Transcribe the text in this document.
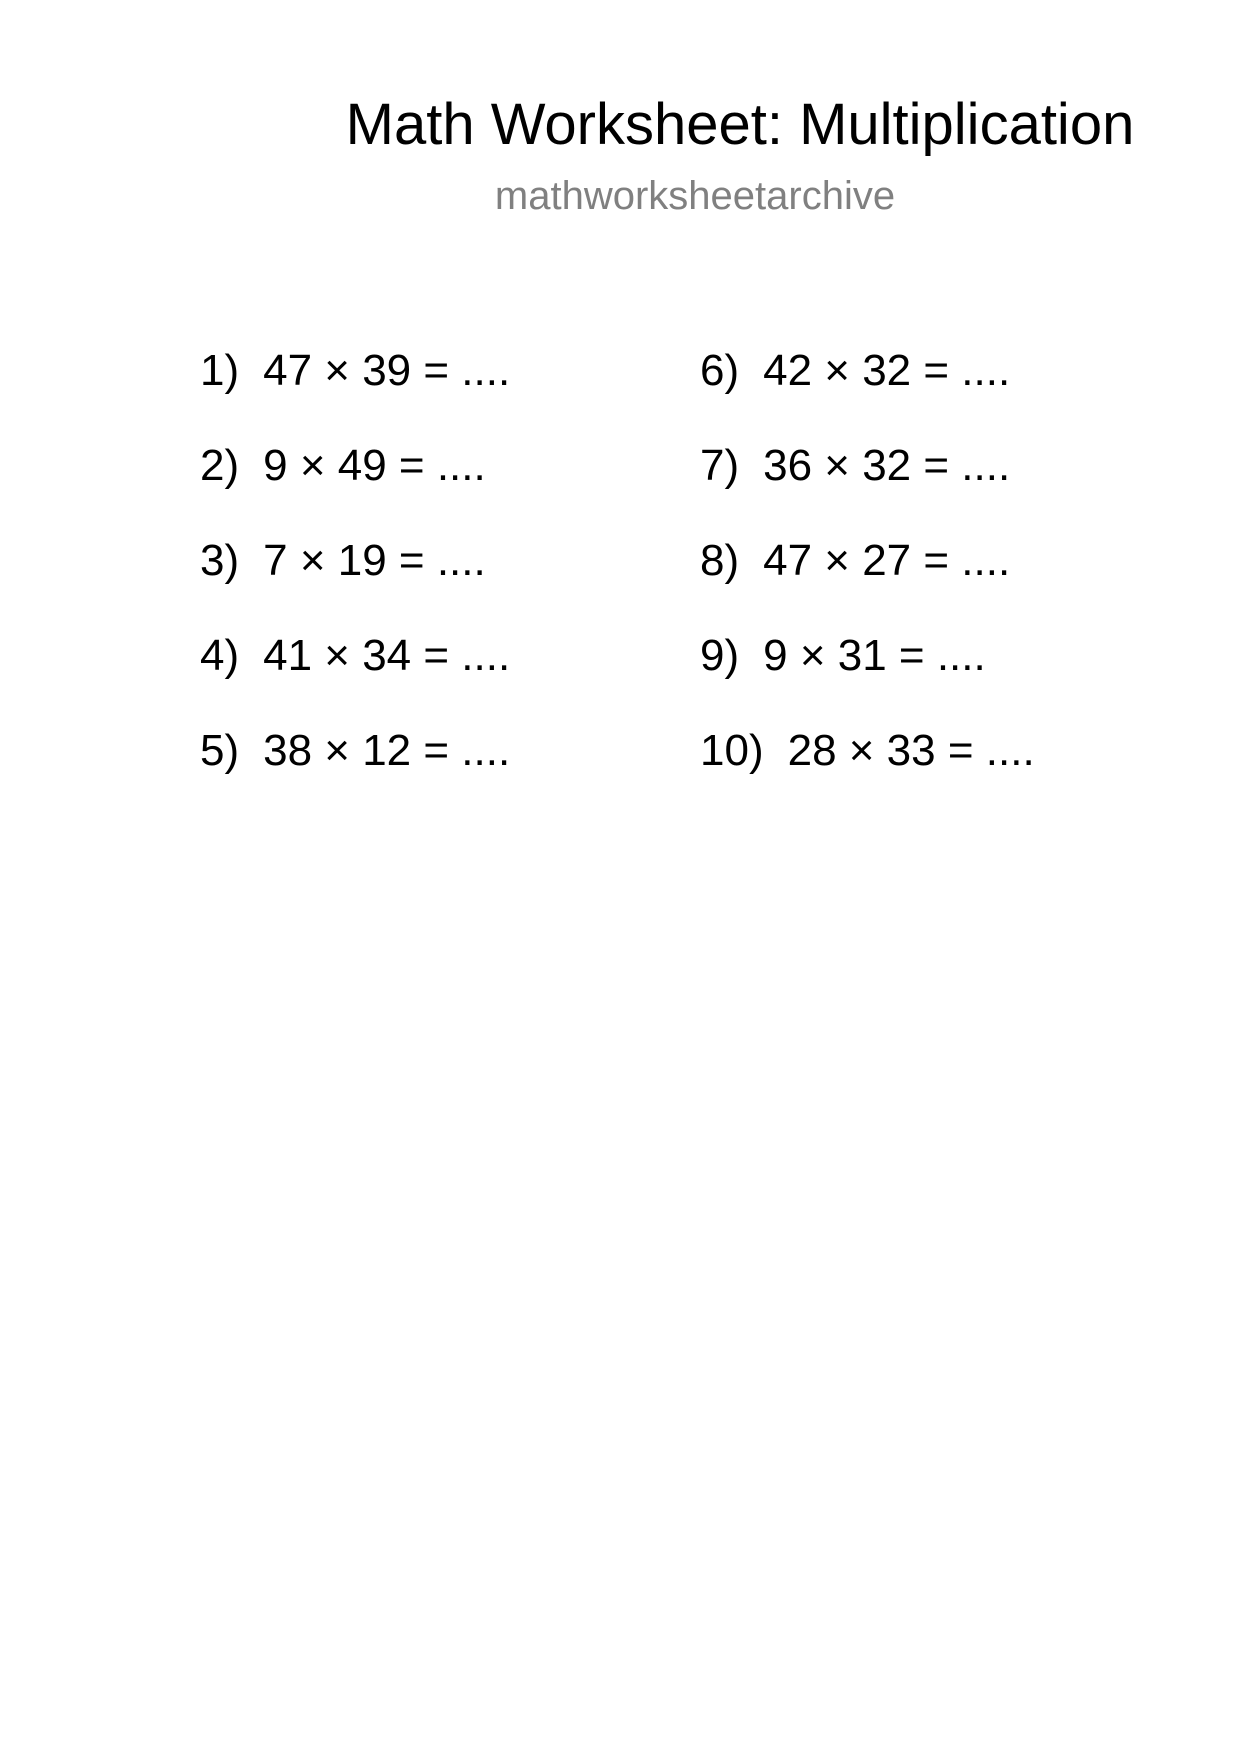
Math Worksheet: Multiplication
mathworksheetarchive
1) 47 × 39 = ....
2) 9 × 49 = ....
3) 7 × 19 = ....
4) 41 × 34 = ....
5) 38 × 12 = ....
6) 42 × 32 = ....
7) 36 × 32 = ....
8) 47 × 27 = ....
9) 9 × 31 = ....
10) 28 × 33 = ....
